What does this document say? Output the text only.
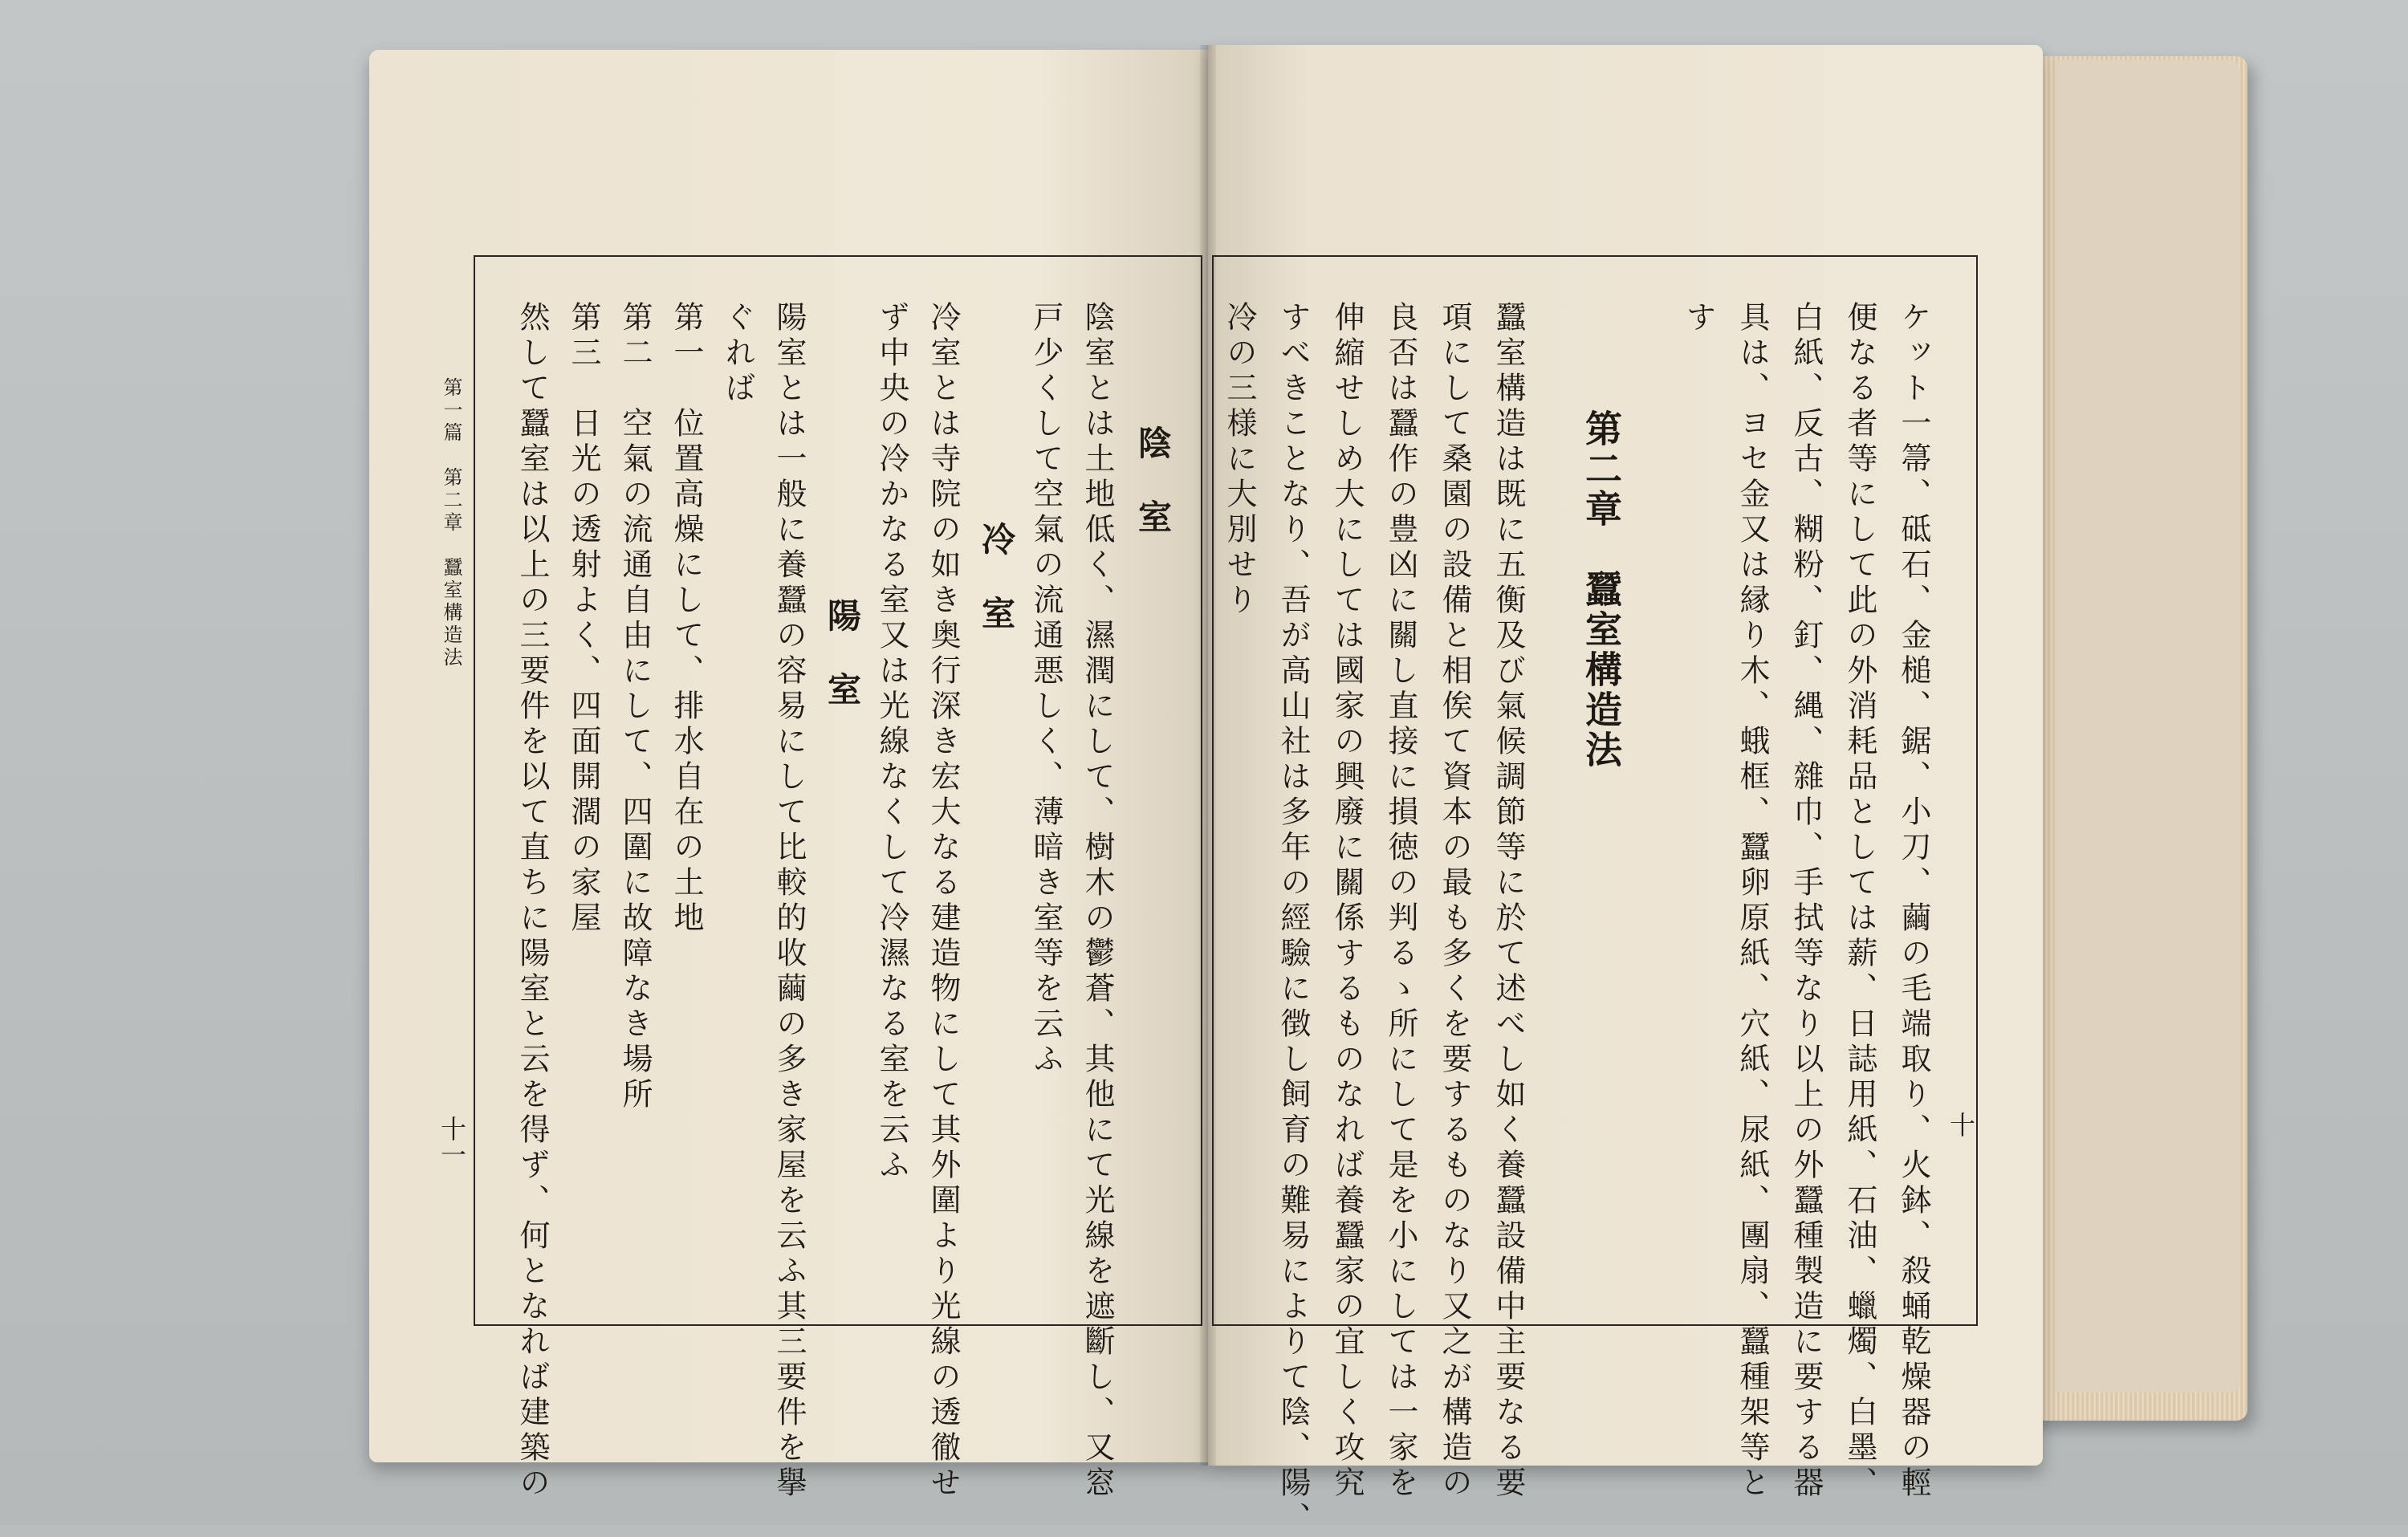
第一篇　第二章　蠶室構造法
十一
陰　室
陰室とは土地低く、濕潤にして、樹木の鬱蒼、其他にて光線を遮斷し、又窓
戸少くして空氣の流通悪しく、薄暗き室等を云ふ
冷　室
冷室とは寺院の如き奥行深き宏大なる建造物にして其外圍より光線の透徹せ
ず中央の冷かなる室又は光線なくして冷濕なる室を云ふ
陽　室
陽室とは一般に養蠶の容易にして比較的收繭の多き家屋を云ふ其三要件を擧
ぐれば
第一　位置高燥にして、排水自在の土地
第二　空氣の流通自由にして、四圍に故障なき場所
第三　日光の透射よく、四面開濶の家屋
然して蠶室は以上の三要件を以て直ちに陽室と云を得ず、何となれば建築の	十
ケット一箒、砥石、金槌、鋸、小刀、繭の毛端取り、火鉢、殺蛹乾燥器の輕
便なる者等にして此の外消耗品としては薪、日誌用紙、石油、蠟燭、白墨、
白紙、反古、糊粉、釘、縄、雜巾、手拭等なり以上の外蠶種製造に要する器
具は、ヨセ金又は縁り木、蛾框、蠶卵原紙、穴紙、尿紙、團扇、蠶種架等と
す
第二章　蠶室構造法
蠶室構造は既に五衡及び氣候調節等に於て述べし如く養蠶設備中主要なる要
項にして桑園の設備と相俟て資本の最も多くを要するものなり又之が構造の
良否は蠶作の豊凶に關し直接に損徳の判るゝ所にして是を小にしては一家を
伸縮せしめ大にしては國家の興廢に關係するものなれば養蠶家の宜しく攻究
すべきことなり、吾が高山社は多年の經驗に徴し飼育の難易によりて陰、陽、
冷の三様に大別せり
